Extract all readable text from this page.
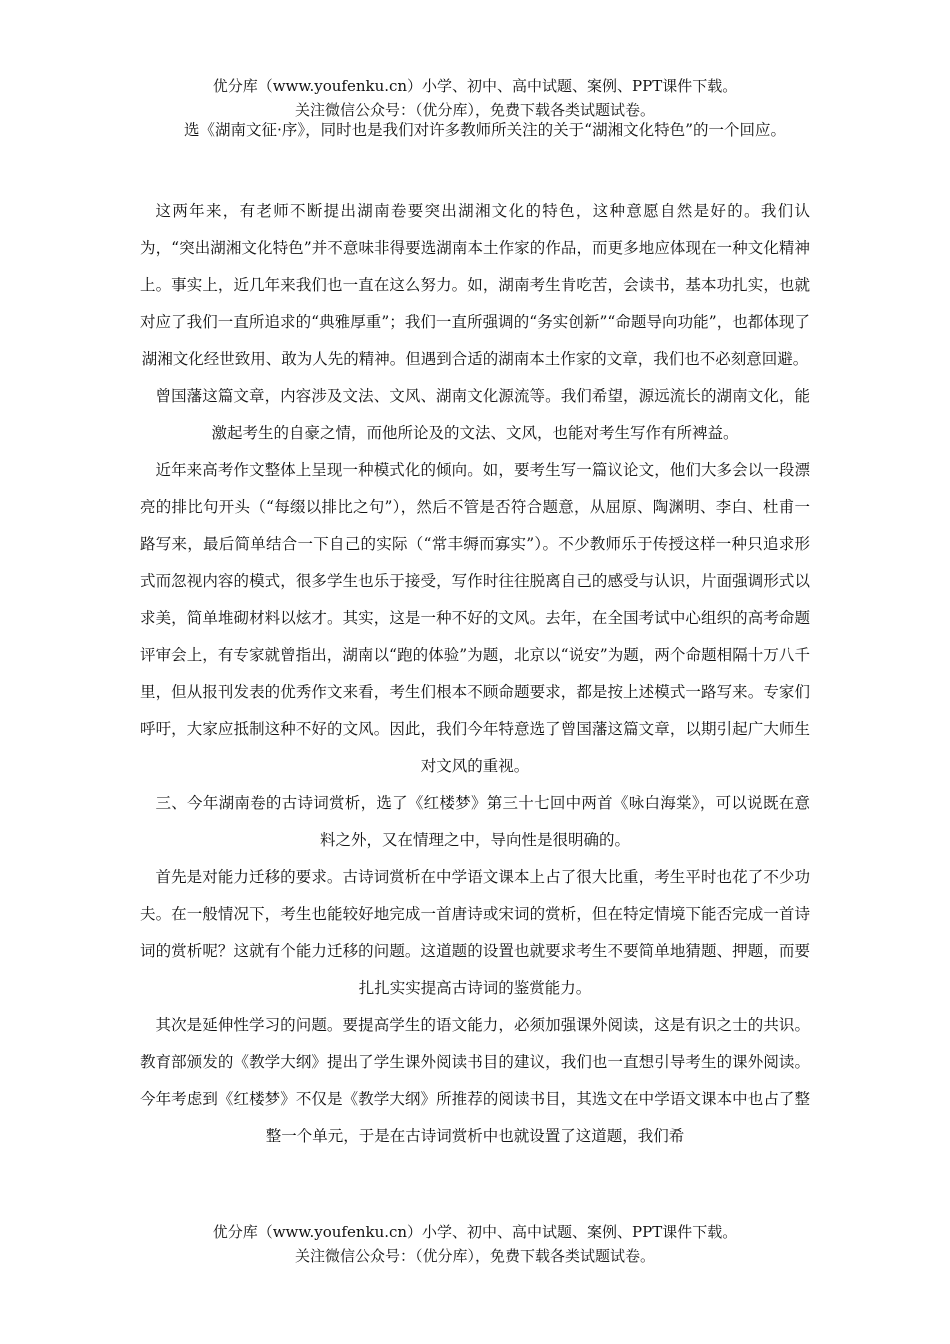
优分库（www.youfenku.cn）小学、初中、高中试题、案例、PPT课件下载。
关注微信公众号：（优分库），免费下载各类试题试卷。

选《湖南文征·序》，同时也是我们对许多教师所关注的关于“湖湘文化特色”的一个回应。

这两年来，有老师不断提出湖南卷要突出湖湘文化的特色，这种意愿自然是好的。我们认为，“突出湖湘文化特色”并不意味非得要选湖南本土作家的作品，而更多地应体现在一种文化精神上。事实上，近几年来我们也一直在这么努力。如，湖南考生肯吃苦，会读书，基本功扎实，也就对应了我们一直所追求的“典雅厚重”；我们一直所强调的“务实创新”“命题导向功能”，也都体现了湖湘文化经世致用、敢为人先的精神。但遇到合适的湖南本土作家的文章，我们也不必刻意回避。

曾国藩这篇文章，内容涉及文法、文风、湖南文化源流等。我们希望，源远流长的湖南文化，能激起考生的自豪之情，而他所论及的文法、文风，也能对考生写作有所裨益。

近年来高考作文整体上呈现一种模式化的倾向。如，要考生写一篇议论文，他们大多会以一段漂亮的排比句开头（“每缀以排比之句”），然后不管是否符合题意，从屈原、陶渊明、李白、杜甫一路写来，最后简单结合一下自己的实际（“常丰缛而寡实”）。不少教师乐于传授这样一种只追求形式而忽视内容的模式，很多学生也乐于接受，写作时往往脱离自己的感受与认识，片面强调形式以求美，简单堆砌材料以炫才。其实，这是一种不好的文风。去年，在全国考试中心组织的高考命题评审会上，有专家就曾指出，湖南以“跑的体验”为题，北京以“说安”为题，两个命题相隔十万八千里，但从报刊发表的优秀作文来看，考生们根本不顾命题要求，都是按上述模式一路写来。专家们呼吁，大家应抵制这种不好的文风。因此，我们今年特意选了曾国藩这篇文章，以期引起广大师生对文风的重视。

三、今年湖南卷的古诗词赏析，选了《红楼梦》第三十七回中两首《咏白海棠》，可以说既在意料之外，又在情理之中，导向性是很明确的。

首先是对能力迁移的要求。古诗词赏析在中学语文课本上占了很大比重，考生平时也花了不少功夫。在一般情况下，考生也能较好地完成一首唐诗或宋词的赏析，但在特定情境下能否完成一首诗词的赏析呢？这就有个能力迁移的问题。这道题的设置也就要求考生不要简单地猜题、押题，而要扎扎实实提高古诗词的鉴赏能力。

其次是延伸性学习的问题。要提高学生的语文能力，必须加强课外阅读，这是有识之士的共识。教育部颁发的《教学大纲》提出了学生课外阅读书目的建议，我们也一直想引导考生的课外阅读。今年考虑到《红楼梦》不仅是《教学大纲》所推荐的阅读书目，其选文在中学语文课本中也占了整整一个单元，于是在古诗词赏析中也就设置了这道题，我们希

优分库（www.youfenku.cn）小学、初中、高中试题、案例、PPT课件下载。
关注微信公众号：（优分库），免费下载各类试题试卷。
